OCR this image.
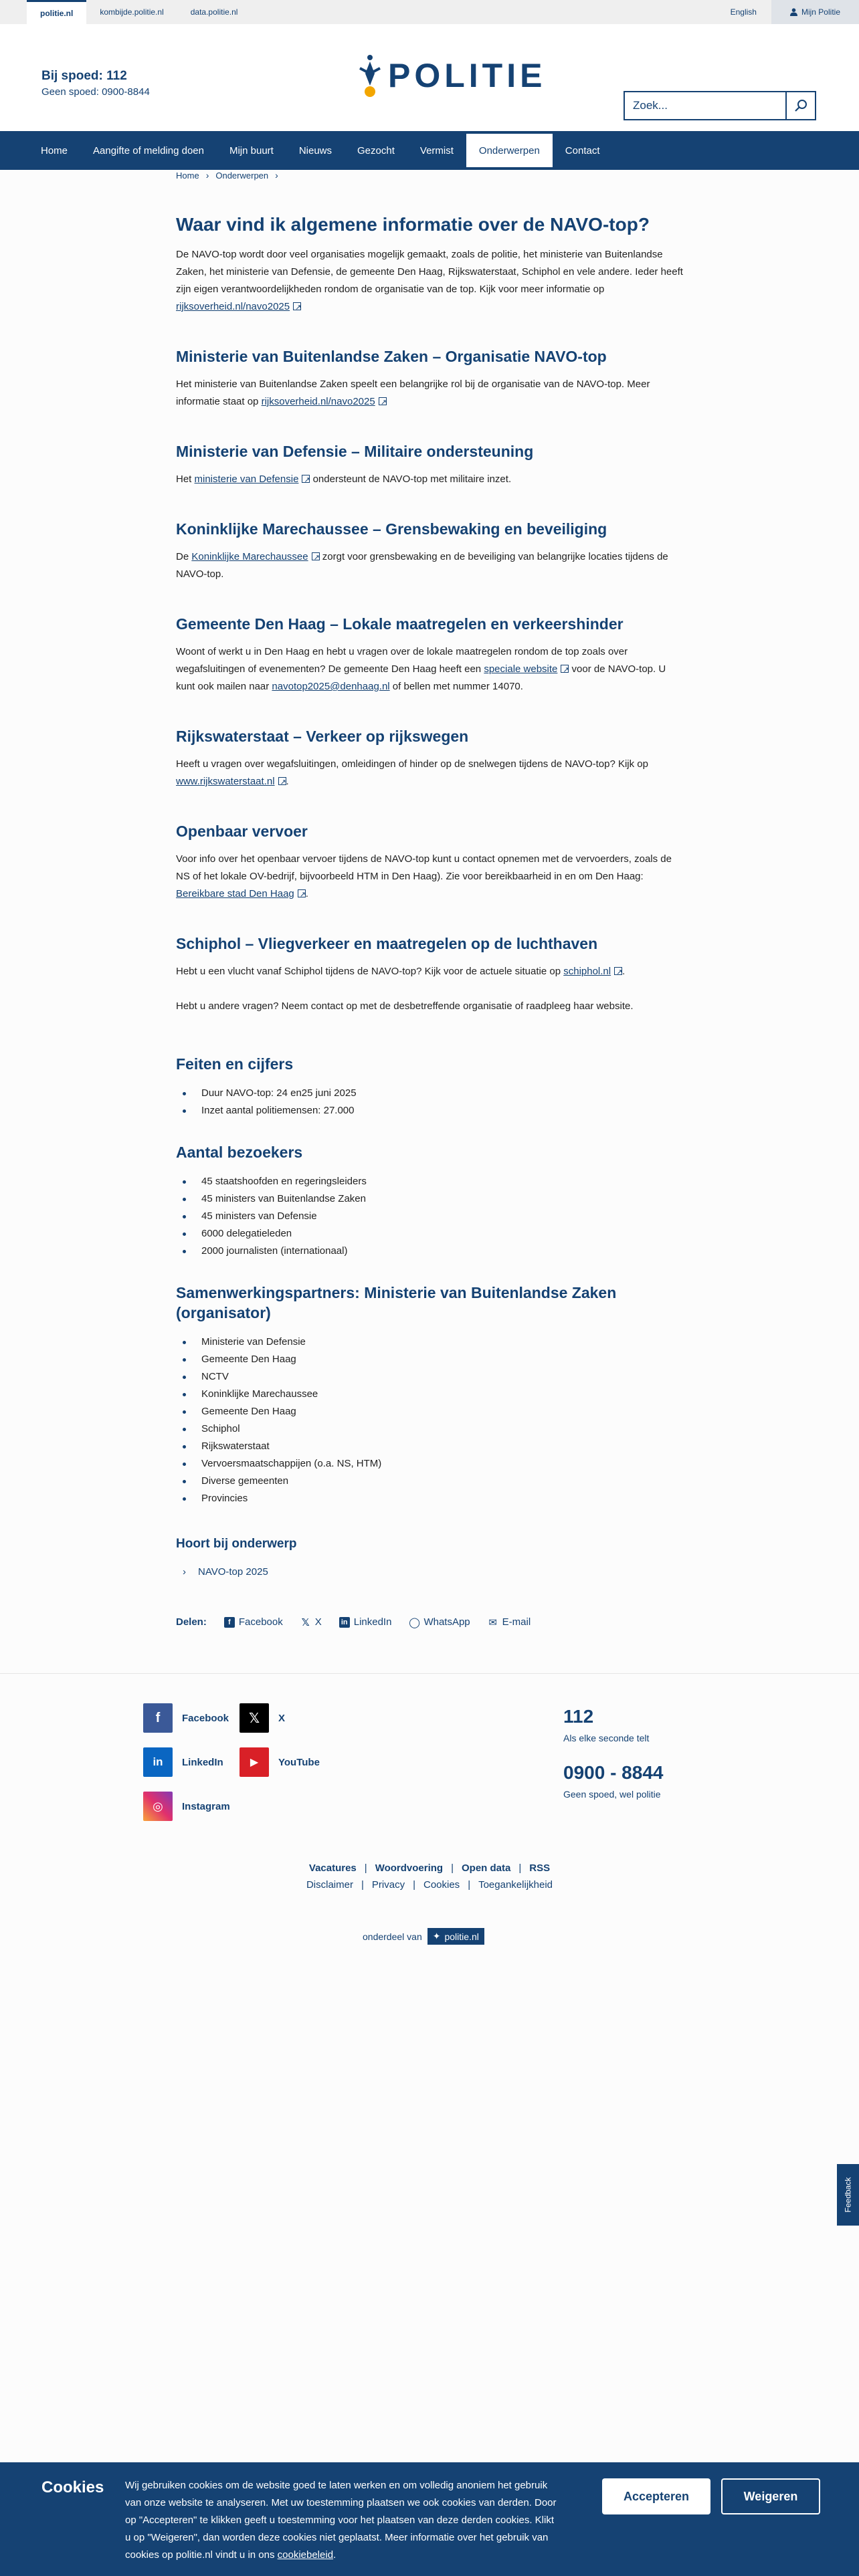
politie.nl	kombijde.politie.nl	data.politie.nl	English	Mijn Politie
Bij spoed: 112
Geen spoed: 0900-8844	POLITIE
Zoek...
Home	Aangifte of melding doen	Mijn buurt	Nieuws	Gezocht	Vermist	Onderwerpen	Contact
Home › Onderwerpen ›
Waar vind ik algemene informatie over de NAVO-top?

De NAVO-top wordt door veel organisaties mogelijk gemaakt, zoals de politie, het ministerie van Buitenlandse Zaken, het ministerie van Defensie, de gemeente Den Haag, Rijkswaterstaat, Schiphol en vele andere. Ieder heeft zijn eigen verantwoordelijkheden rondom de organisatie van de top. Kijk voor meer informatie op rijksoverheid.nl/navo2025↗

Ministerie van Buitenlandse Zaken – Organisatie NAVO-top

Het ministerie van Buitenlandse Zaken speelt een belangrijke rol bij de organisatie van de NAVO-top. Meer informatie staat op rijksoverheid.nl/navo2025↗

Ministerie van Defensie – Militaire ondersteuning

Het ministerie van Defensie↗ ondersteunt de NAVO-top met militaire inzet.

Koninklijke Marechaussee – Grensbewaking en beveiliging

De Koninklijke Marechaussee↗ zorgt voor grensbewaking en de beveiliging van belangrijke locaties tijdens de NAVO-top.

Gemeente Den Haag – Lokale maatregelen en verkeershinder

Woont of werkt u in Den Haag en hebt u vragen over de lokale maatregelen rondom de top zoals over wegafsluitingen of evenementen? De gemeente Den Haag heeft een speciale website↗ voor de NAVO-top. U kunt ook mailen naar navotop2025@denhaag.nl of bellen met nummer 14070.

Rijkswaterstaat – Verkeer op rijkswegen

Heeft u vragen over wegafsluitingen, omleidingen of hinder op de snelwegen tijdens de NAVO-top? Kijk op www.rijkswaterstaat.nl ↗ .

Openbaar vervoer

Voor info over het openbaar vervoer tijdens de NAVO-top kunt u contact opnemen met de vervoerders, zoals de NS of het lokale OV-bedrijf, bijvoorbeeld HTM in Den Haag). Zie voor bereikbaarheid in en om Den Haag: Bereikbare stad Den Haag ↗ .

Schiphol – Vliegverkeer en maatregelen op de luchthaven

Hebt u een vlucht vanaf Schiphol tijdens de NAVO-top? Kijk voor de actuele situatie op schiphol.nl ↗ .

Hebt u andere vragen? Neem contact op met de desbetreffende organisatie of raadpleeg haar website.

Feiten en cijfers
Duur NAVO-top: 24 en25 juni 2025
Inzet aantal politiemensen: 27.000
Aantal bezoekers
45 staatshoofden en regeringsleiders
45 ministers van Buitenlandse Zaken
45 ministers van Defensie
6000 delegatieleden
2000 journalisten (internationaal)
Samenwerkingspartners: Ministerie van Buitenlandse Zaken (organisator)
Ministerie van Defensie
Gemeente Den Haag
NCTV
Koninklijke Marechaussee
Gemeente Den Haag
Schiphol
Rijkswaterstaat
Vervoersmaatschappijen (o.a. NS, HTM)
Diverse gemeenten
Provincies
Hoort bij onderwerp
› NAVO-top 2025
Delen:	f Facebook 𝕏 X	in LinkedIn ◯ WhatsApp ✉ E-mail
f	Facebook	𝕏	X
in	LinkedIn	▶	YouTube
◎	Instagram
112
Als elke seconde telt
0900 - 8844
Geen spoed, wel politie
Vacatures | Woordvoering | Open data | RSS
Disclaimer | Privacy | Cookies | Toegankelijkheid
onderdeel van ✦ politie.nl
Feedback
Cookies Wij gebruiken cookies om de website goed te laten werken en om volledig anoniem het gebruik van onze website te analyseren. Met uw toestemming plaatsen we ook cookies van derden. Door op "Accepteren" te klikken geeft u toestemming voor het plaatsen van deze derden cookies. Klikt u op "Weigeren", dan worden deze cookies niet geplaatst. Meer informatie over het gebruik van cookies op politie.nl vindt u in ons cookiebeleid.
Accepteren	Weigeren
